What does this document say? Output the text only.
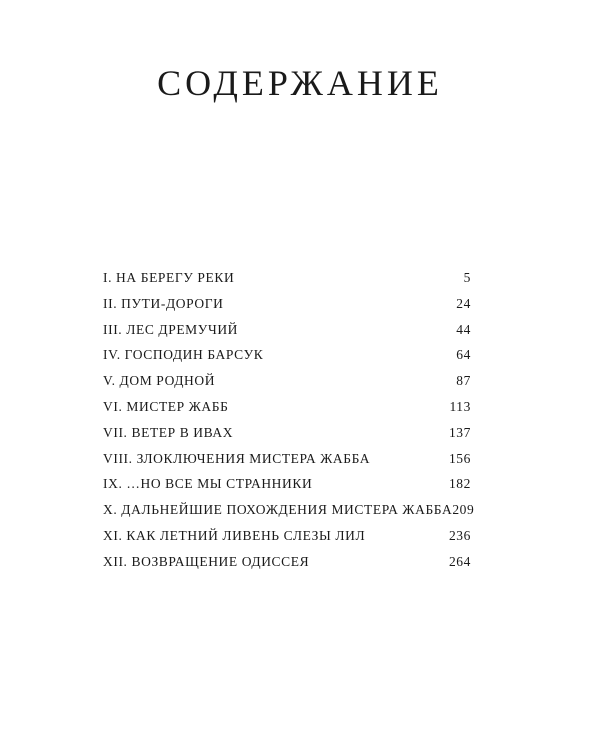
СОДЕРЖАНИЕ
I. НА БЕРЕГУ РЕКИ	5
II. ПУТИ-ДОРОГИ	24
III. ЛЕС ДРЕМУЧИЙ	44
IV. ГОСПОДИН БАРСУК	64
V. ДОМ РОДНОЙ	87
VI. МИСТЕР ЖАББ	113
VII. ВЕТЕР В ИВАХ	137
VIII. ЗЛОКЛЮЧЕНИЯ МИСТЕРА ЖАББА	156
IX. …НО ВСЕ МЫ СТРАННИКИ	182
X. ДАЛЬНЕЙШИЕ ПОХОЖДЕНИЯ МИСТЕРА ЖАББА 209
XI. КАК ЛЕТНИЙ ЛИВЕНЬ СЛЕЗЫ ЛИЛ	236
XII. ВОЗВРАЩЕНИЕ ОДИССЕЯ	264
